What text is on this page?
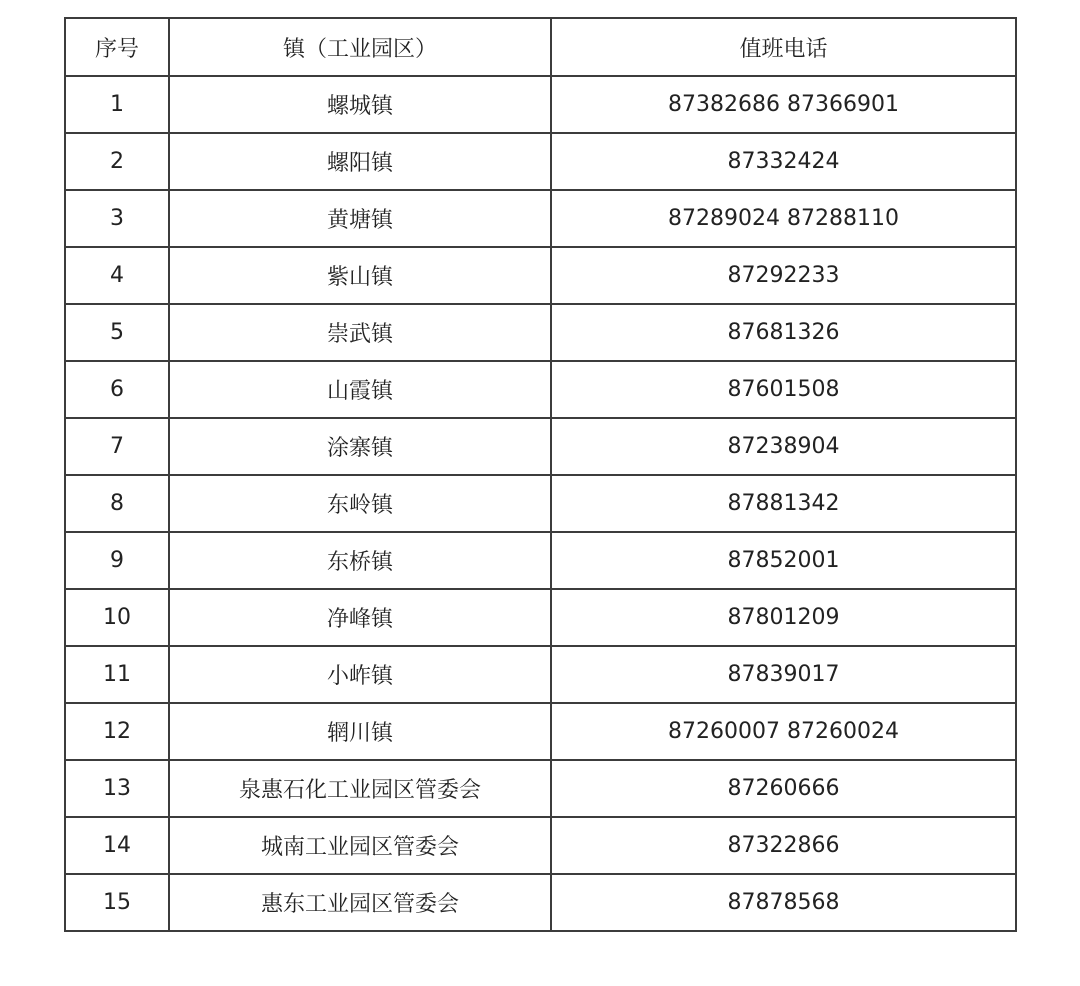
序号	镇（工业园区）	值班电话
1	螺城镇	87382686 87366901
2	螺阳镇	87332424
3	黄塘镇	87289024 87288110
4	紫山镇	87292233
5	崇武镇	87681326
6	山霞镇	87601508
7	涂寨镇	87238904
8	东岭镇	87881342
9	东桥镇	87852001
10	净峰镇	87801209
11	小岞镇	87839017
12	辋川镇	87260007 87260024
13	泉惠石化工业园区管委会	87260666
14	城南工业园区管委会	87322866
15	惠东工业园区管委会	87878568
